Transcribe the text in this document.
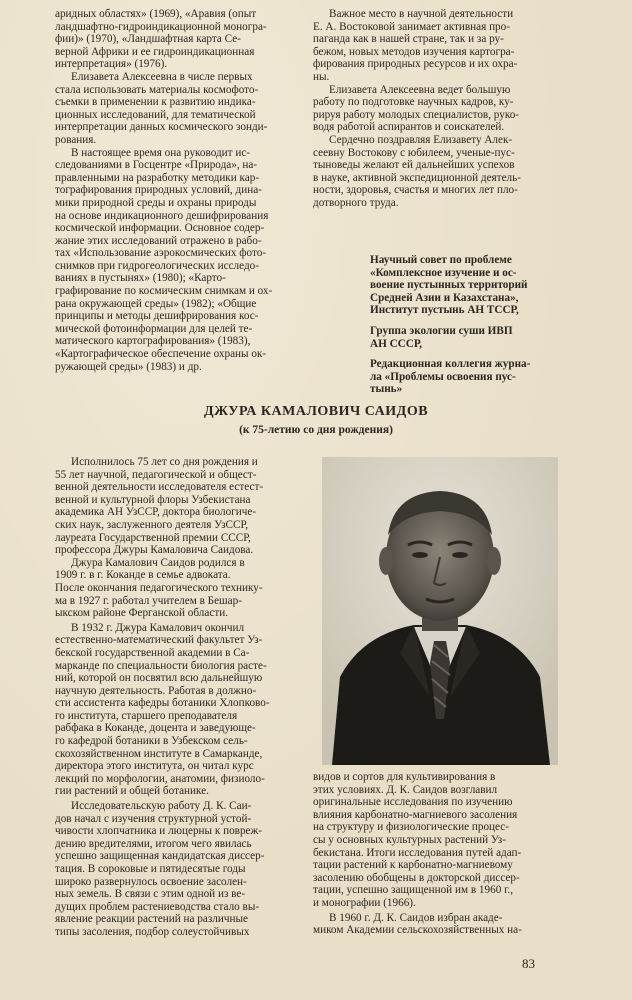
аридных областях» (1969), «Аравия (опыт
ландшафтно-гидроиндикационной моногра-
фии)» (1970), «Ландшафтная карта Се-
верной Африки и ее гидроиндикационная
интерпретация» (1976).
Елизавета Алексеевна в числе первых
стала использовать материалы космофото-
съемки в применении к развитию индика-
ционных исследований, для тематической
интерпретации данных космического зонди-
рования.
В настоящее время она руководит ис-
следованиями в Госцентре «Природа», на-
правленными на разработку методики кар-
тографирования природных условий, дина-
мики природной среды и охраны природы
на основе индикационного дешифрирования
космической информации. Основное содер-
жание этих исследований отражено в рабо-
тах «Использование аэрокосмических фото-
снимков при гидрогеологических исследо-
ваниях в пустынях» (1980); «Карто-
графирование по космическим снимкам и ох-
рана окружающей среды» (1982); «Общие
принципы и методы дешифрирования кос-
мической фотоинформации для целей те-
матического картографирования» (1983),
«Картографическое обеспечение охраны ок-
ружающей среды» (1983) и др.
Важное место в научной деятельности
Е. А. Востоковой занимает активная про-
паганда как в нашей стране, так и за ру-
бежом, новых методов изучения картогра-
фирования природных ресурсов и их охра-
ны.
Елизавета Алексеевна ведет большую
работу по подготовке научных кадров, ку-
рируя работу молодых специалистов, руко-
водя работой аспирантов и соискателей.
Сердечно поздравляя Елизавету Алек-
сеевну Востокову с юбилеем, ученые-пус-
тыноведы желают ей дальнейших успехов
в науке, активной экспедиционной деятель-
ности, здоровья, счастья и многих лет пло-
дотворного труда.
Научный совет по проблеме
«Комплексное изучение и ос-
воение пустынных территорий
Средней Азии и Казахстана»,
Институт пустынь АН ТССР,
Группа экологии суши ИВП
АН СССР,
Редакционная коллегия журна-
ла «Проблемы освоения пус-
тынь»
ДЖУРА КАМАЛОВИЧ САИДОВ
(к 75-летию со дня рождения)
Исполнилось 75 лет со дня рождения и
55 лет научной, педагогической и общест-
венной деятельности исследователя естест-
венной и культурной флоры Узбекистана
академика АН УзССР, доктора биологиче-
ских наук, заслуженного деятеля УзССР,
лауреата Государственной премии СССР,
профессора Джуры Камаловича Саидова.
Джура Камалович Саидов родился в
1909 г. в г. Коканде в семье адвоката.
После окончания педагогического технику-
ма в 1927 г. работал учителем в Бешар-
ыкском районе Ферганской области.
В 1932 г. Джура Камалович окончил
естественно-математический факультет Уз-
бекской государственной академии в Са-
марканде по специальности биология расте-
ний, которой он посвятил всю дальнейшую
научную деятельность. Работая в должно-
сти ассистента кафедры ботаники Хлопково-
го института, старшего преподавателя
рабфака в Коканде, доцента и заведующе-
го кафедрой ботаники в Узбекском сель-
скохозяйственном институте в Самарканде,
директора этого института, он читал курс
лекций по морфологии, анатомии, физиоло-
гии растений и общей ботанике.
Исследовательскую работу Д. К. Саи-
дов начал с изучения структурной устой-
чивости хлопчатника и люцерны к повреж-
дению вредителями, итогом чего явилась
успешно защищенная кандидатская диссер-
тация. В сороковые и пятидесятые годы
широко развернулось освоение засолен-
ных земель. В связи с этим одной из ве-
дущих проблем растениеводства стало вы-
явление реакции растений на различные
типы засоления, подбор солеустойчивых
видов и сортов для культивирования в
этих условиях. Д. К. Саидов возглавил
оригинальные исследования по изучению
влияния карбонатно-магниевого засоления
на структуру и физиологические процес-
сы у основных культурных растений Уз-
бекистана. Итоги исследования путей адап-
тации растений к карбонатно-магниевому
засолению обобщены в докторской диссер-
тации, успешно защищенной им в 1960 г.,
и монографии (1966).
В 1960 г. Д. К. Саидов избран акаде-
миком Академии сельскохозяйственных на-
83
